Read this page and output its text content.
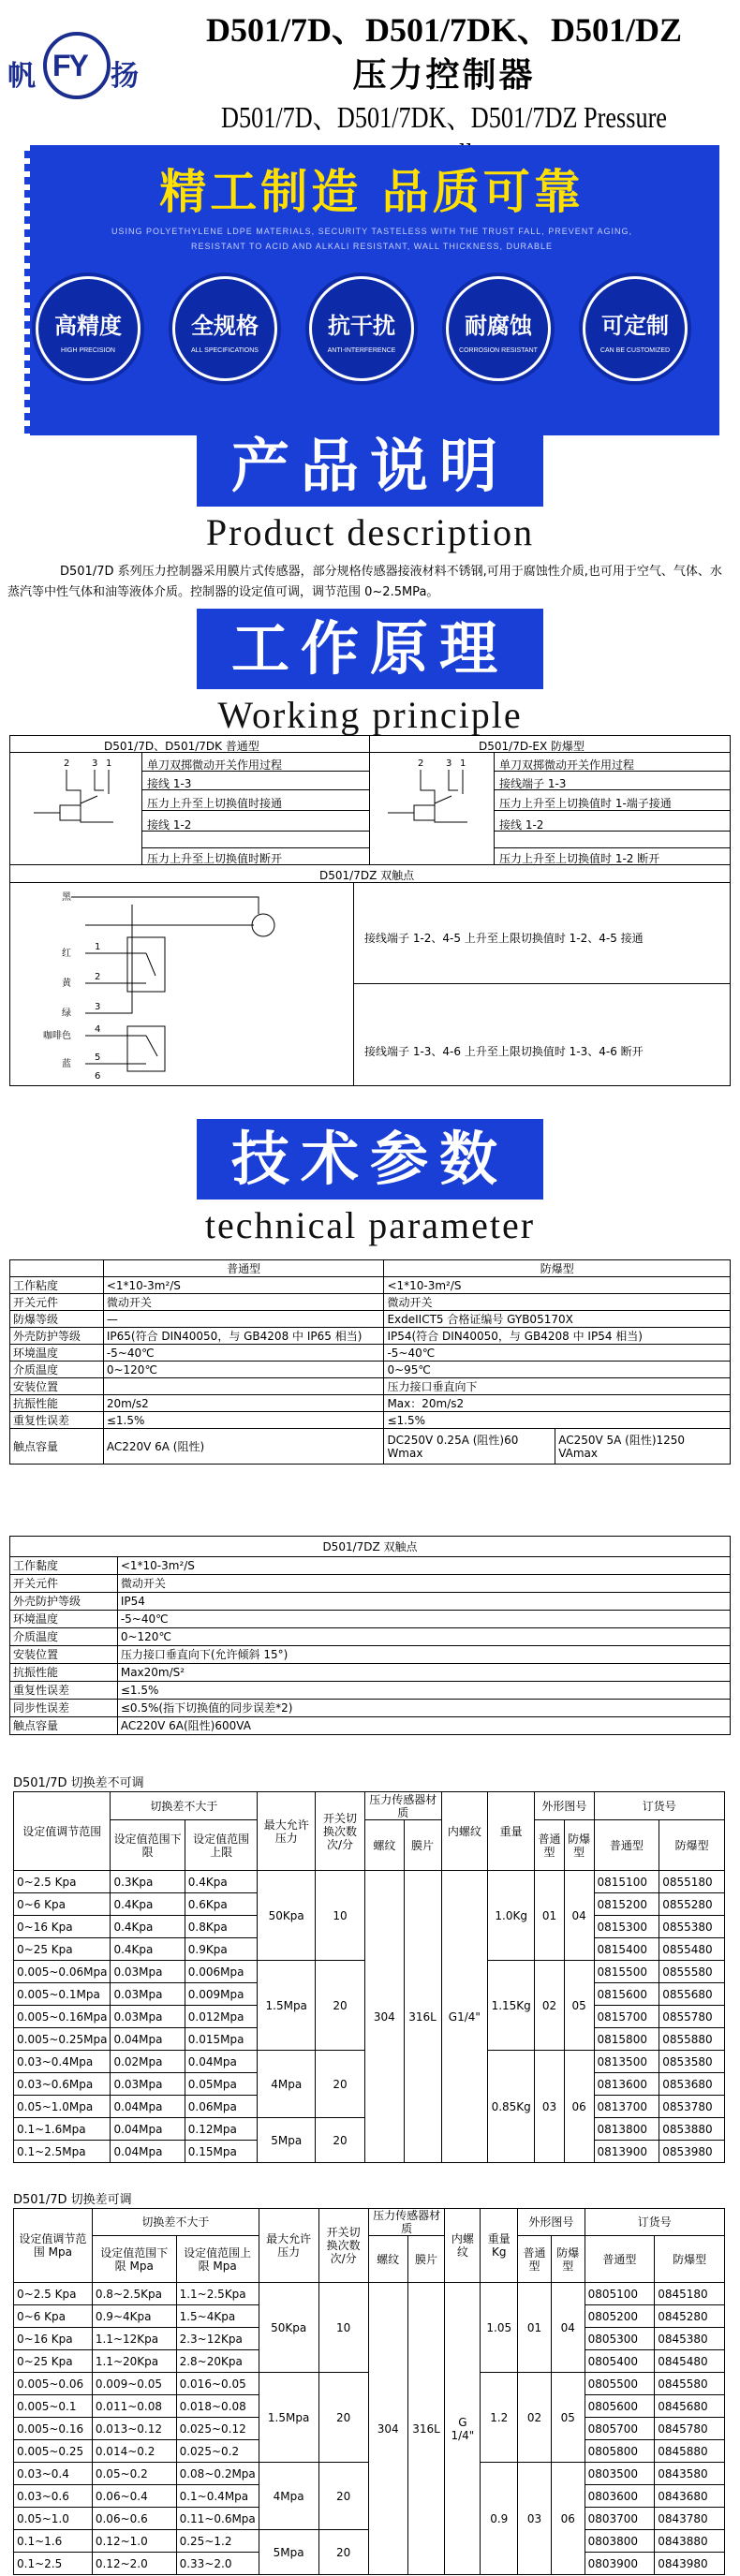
帆 FY 扬
D501/7D、D501/7DK、D501/DZ
压力控制器
D501/7D、D501/7DK、D501/7DZ Pressure
精工制造 品质可靠
USING POLYETHYLENE LDPE MATERIALS, SECURITY TASTELESS WITH THE TRUST FALL, PREVENT AGING,
RESISTANT TO ACID AND ALKALI RESISTANT, WALL THICKNESS, DURABLE
高精度
HIGH PRECISION
全规格
ALL SPECIFICATIONS
抗干扰
ANTI-INTERFERENCE
耐腐蚀
CORROSION RESISTANT
可定制
CAN BE CUSTOMIZED
产品说明
Product description
D501/7D 系列压力控制器采用膜片式传感器，部分规格传感器接液材料不锈钢,可用于腐蚀性介质,也可用于空气、气体、水蒸汽等中性气体和油等液体介质。控制器的设定值可调，调节范围 0~2.5MPa。
工作原理
Working principle
D501/7D、D501/7DK 普通型	D501/7D-EX 防爆型
单刀双掷微动开关作用过程
接线 1-3
压力上升至上切换值时接通
接线 1-2
压力上升至上切换值时断开
单刀双掷微动开关作用过程
接线端子 1-3
压力上升至上切换值时 1-端子接通
接线 1-2
压力上升至上切换值时 1-2 断开
2 3 1	2 3 1
D501/7DZ 双触点
接线端子 1-2、4-5 上升至上限切换值时 1-2、4-5 接通
接线端子 1-3、4-6 上升至上限切换值时 1-3、4-6 断开
黑
红
黄
绿
咖啡色
蓝
1
2
3
4
5
6
技术参数
technical parameter
	普通型	防爆型	
工作粘度	<1*10-3m²/S	<1*10-3m²/S	
开关元件	微动开关	微动开关	
防爆等级	—	ExdeIICT5 合格证编号 GYB05170X	
外壳防护等级	IP65(符合 DIN40050，与 GB4208 中 IP65 相当)	IP54(符合 DIN40050，与 GB4208 中 IP54 相当)	
环境温度	-5~40℃	-5~40℃	
介质温度	0~120℃	0~95℃	
安装位置		压力接口垂直向下	
抗振性能	20m/s2	Max：20m/s2	
重复性误差	≤1.5%	≤1.5%	
触点容量	AC220V 6A (阻性)	DC250V 0.25A (阻性)60 Wmax	AC250V 5A (阻性)1250 VAmax

D501/7DZ 双触点	
工作黏度	<1*10-3m²/S
开关元件	微动开关
外壳防护等级	IP54
环境温度	-5~40℃
介质温度	0~120℃
安装位置	压力接口垂直向下(允许倾斜 15°)
抗振性能	Max20m/S²
重复性误差	≤1.5%
同步性误差	≤0.5%(指下切换值的同步误差*2)
触点容量	AC220V 6A(阻性)600VA
D501/7D 切换差不可调
设定值调节范围	切换差不大于		最大允许压力	开关切换次数次/分	压力传感器材质		内螺纹	重量	外形图号		订货号	
	设定值范围下限	设定值范围上限			螺纹	膜片			普通型	防爆型	普通型	防爆型
0~2.5 Kpa	0.3Kpa	0.4Kpa	50Kpa	10	304	316L	G1/4"	1.0Kg	01	04	0815100	0855180
0~6 Kpa	0.4Kpa	0.6Kpa									0815200	0855280
0~16 Kpa	0.4Kpa	0.8Kpa									0815300	0855380
0~25 Kpa	0.4Kpa	0.9Kpa									0815400	0855480
0.005~0.06Mpa	0.03Mpa	0.006Mpa	1.5Mpa	20				1.15Kg	02	05	0815500	0855580
0.005~0.1Mpa	0.03Mpa	0.009Mpa									0815600	0855680
0.005~0.16Mpa	0.03Mpa	0.012Mpa									0815700	0855780
0.005~0.25Mpa	0.04Mpa	0.015Mpa									0815800	0855880
0.03~0.4Mpa	0.02Mpa	0.04Mpa	4Mpa	20				0.85Kg	03	06	0813500	0853580
0.03~0.6Mpa	0.03Mpa	0.05Mpa									0813600	0853680
0.05~1.0Mpa	0.04Mpa	0.06Mpa									0813700	0853780
0.1~1.6Mpa	0.04Mpa	0.12Mpa	5Mpa	20							0813800	0853880
0.1~2.5Mpa	0.04Mpa	0.15Mpa									0813900	0853980
D501/7D 切换差可调
设定值调节范围 Mpa	切换差不大于		最大允许压力	开关切换次数次/分	压力传感器材质		内螺纹	重量 Kg	外形图号		订货号	
	设定值范围下限 Mpa	设定值范围上限 Mpa			螺纹	膜片			普通型	防爆型	普通型	防爆型
0~2.5 Kpa	0.8~2.5Kpa	1.1~2.5Kpa	50Kpa	10	304	316L	G 1/4"	1.05	01	04	0805100	0845180
0~6 Kpa	0.9~4Kpa	1.5~4Kpa									0805200	0845280
0~16 Kpa	1.1~12Kpa	2.3~12Kpa									0805300	0845380
0~25 Kpa	1.1~20Kpa	2.8~20Kpa									0805400	0845480
0.005~0.06	0.009~0.05	0.016~0.05	1.5Mpa	20				1.2	02	05	0805500	0845580
0.005~0.1	0.011~0.08	0.018~0.08									0805600	0845680
0.005~0.16	0.013~0.12	0.025~0.12									0805700	0845780
0.005~0.25	0.014~0.2	0.025~0.2									0805800	0845880
0.03~0.4	0.05~0.2	0.08~0.2Mpa	4Mpa	20				0.9	03	06	0803500	0843580
0.03~0.6	0.06~0.4	0.1~0.4Mpa									0803600	0843680
0.05~1.0	0.06~0.6	0.11~0.6Mpa									0803700	0843780
0.1~1.6	0.12~1.0	0.25~1.2	5Mpa	20							0803800	0843880
0.1~2.5	0.12~2.0	0.33~2.0									0803900	0843980
